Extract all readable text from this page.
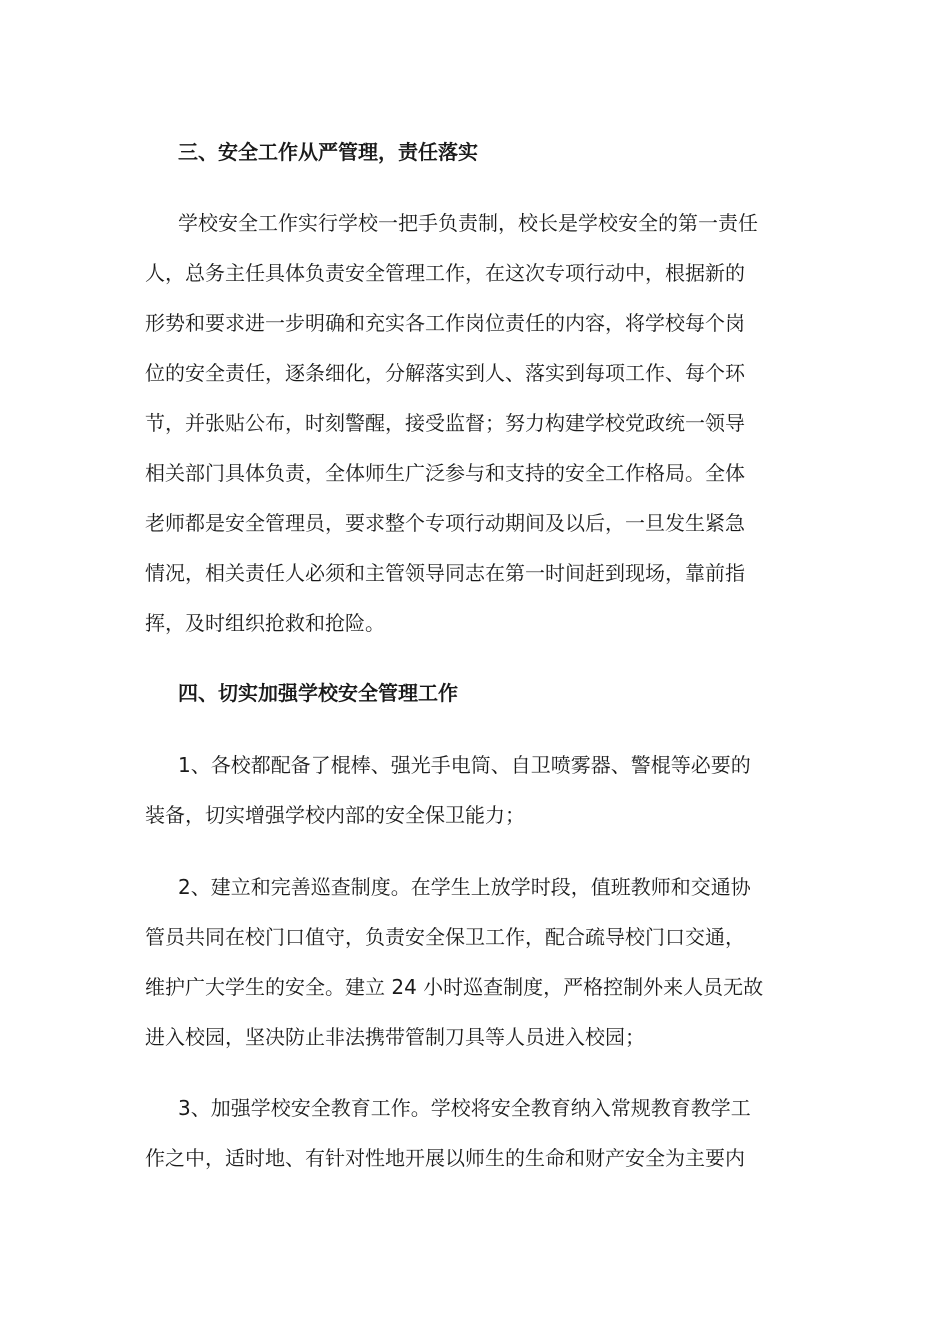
三、安全工作从严管理，责任落实
学校安全工作实行学校一把手负责制，校长是学校安全的第一责任
人，总务主任具体负责安全管理工作，在这次专项行动中，根据新的
形势和要求进一步明确和充实各工作岗位责任的内容，将学校每个岗
位的安全责任，逐条细化，分解落实到人、落实到每项工作、每个环
节，并张贴公布，时刻警醒，接受监督；努力构建学校党政统一领导
相关部门具体负责，全体师生广泛参与和支持的安全工作格局。全体
老师都是安全管理员，要求整个专项行动期间及以后，一旦发生紧急
情况，相关责任人必须和主管领导同志在第一时间赶到现场，靠前指
挥，及时组织抢救和抢险。
四、切实加强学校安全管理工作
1、各校都配备了棍棒、强光手电筒、自卫喷雾器、警棍等必要的
装备，切实增强学校内部的安全保卫能力；
2、建立和完善巡查制度。在学生上放学时段，值班教师和交通协
管员共同在校门口值守，负责安全保卫工作，配合疏导校门口交通，
维护广大学生的安全。建立 24 小时巡查制度，严格控制外来人员无故
进入校园，坚决防止非法携带管制刀具等人员进入校园；
3、加强学校安全教育工作。学校将安全教育纳入常规教育教学工
作之中，适时地、有针对性地开展以师生的生命和财产安全为主要内
